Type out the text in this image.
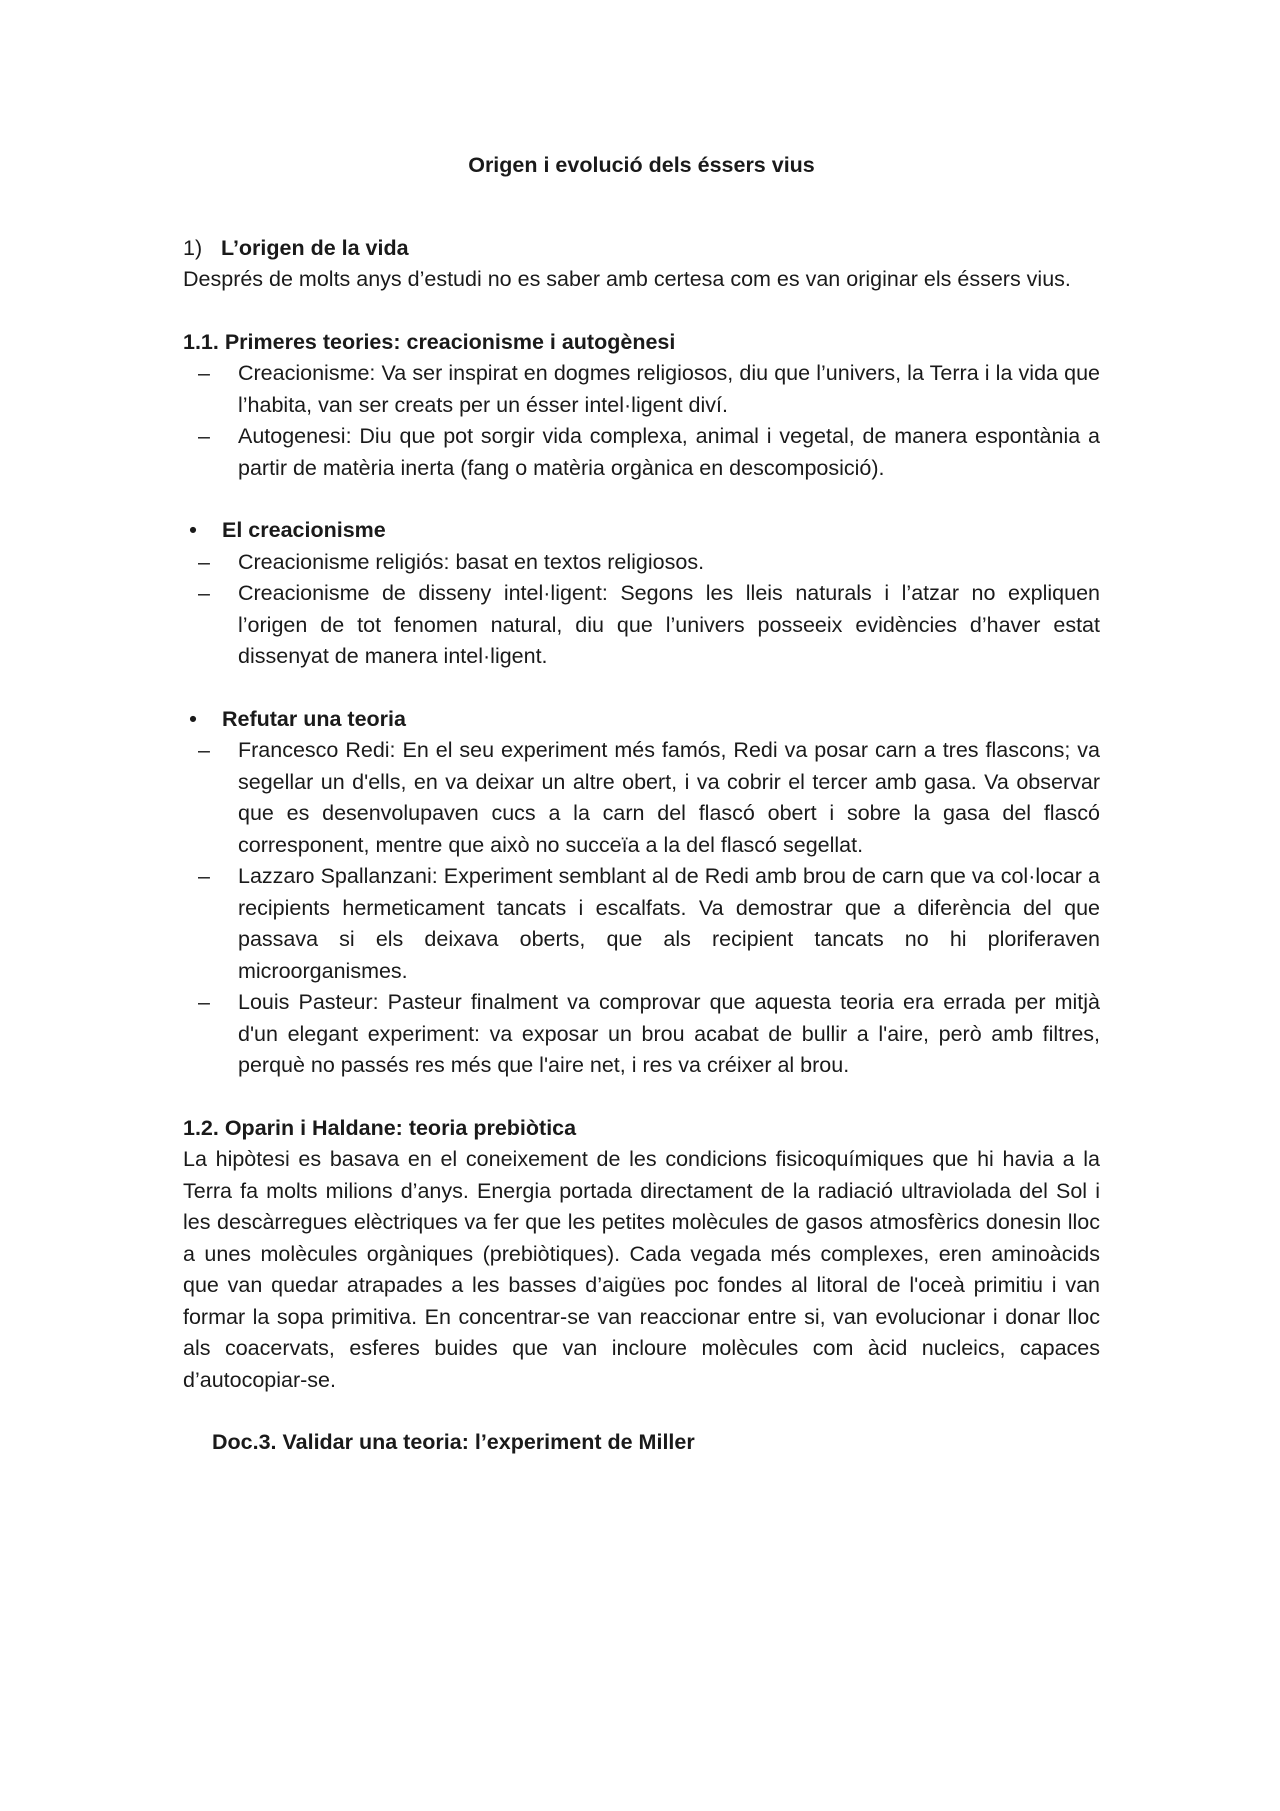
Origen i evolució dels éssers vius
1) L’origen de la vida

Després de molts anys d’estudi no es saber amb certesa com es van originar els éssers vius.

1.1. Primeres teories: creacionisme i autogènesi
– Creacionisme: Va ser inspirat en dogmes religiosos, diu que l’univers, la Terra i la vida que l’habita, van ser creats per un ésser intel·ligent diví.
– Autogenesi: Diu que pot sorgir vida complexa, animal i vegetal, de manera espontània a partir de matèria inerta (fang o matèria orgànica en descomposició).
• El creacionisme
– Creacionisme religiós: basat en textos religiosos.
– Creacionisme de disseny intel·ligent: Segons les lleis naturals i l’atzar no expliquen l’origen de tot fenomen natural, diu que l’univers posseeix evidències d’haver estat dissenyat de manera intel·ligent.
• Refutar una teoria
– Francesco Redi: En el seu experiment més famós, Redi va posar carn a tres flascons; va segellar un d'ells, en va deixar un altre obert, i va cobrir el tercer amb gasa. Va observar que es desenvolupaven cucs a la carn del flascó obert i sobre la gasa del flascó corresponent, mentre que això no succeïa a la del flascó segellat.
– Lazzaro Spallanzani: Experiment semblant al de Redi amb brou de carn que va col·locar a recipients hermeticament tancats i escalfats. Va demostrar que a diferència del que passava si els deixava oberts, que als recipient tancats no hi ploriferaven microorganismes.
– Louis Pasteur: Pasteur finalment va comprovar que aquesta teoria era errada per mitjà d'un elegant experiment: va exposar un brou acabat de bullir a l'aire, però amb filtres, perquè no passés res més que l'aire net, i res va créixer al brou.
1.2. Oparin i Haldane: teoria prebiòtica

La hipòtesi es basava en el coneixement de les condicions fisicoquímiques que hi havia a la Terra fa molts milions d’anys. Energia portada directament de la radiació ultraviolada del Sol i les descàrregues elèctriques va fer que les petites molècules de gasos atmosfèrics donesin lloc a unes molècules orgàniques (prebiòtiques). Cada vegada més complexes, eren aminoàcids que van quedar atrapades a les basses d’aigües poc fondes al litoral de l'oceà primitiu i van formar la sopa primitiva. En concentrar-se van reaccionar entre si, van evolucionar i donar lloc als coacervats, esferes buides que van incloure molècules com àcid nucleics, capaces d’autocopiar-se.

Doc.3. Validar una teoria: l’experiment de Miller
